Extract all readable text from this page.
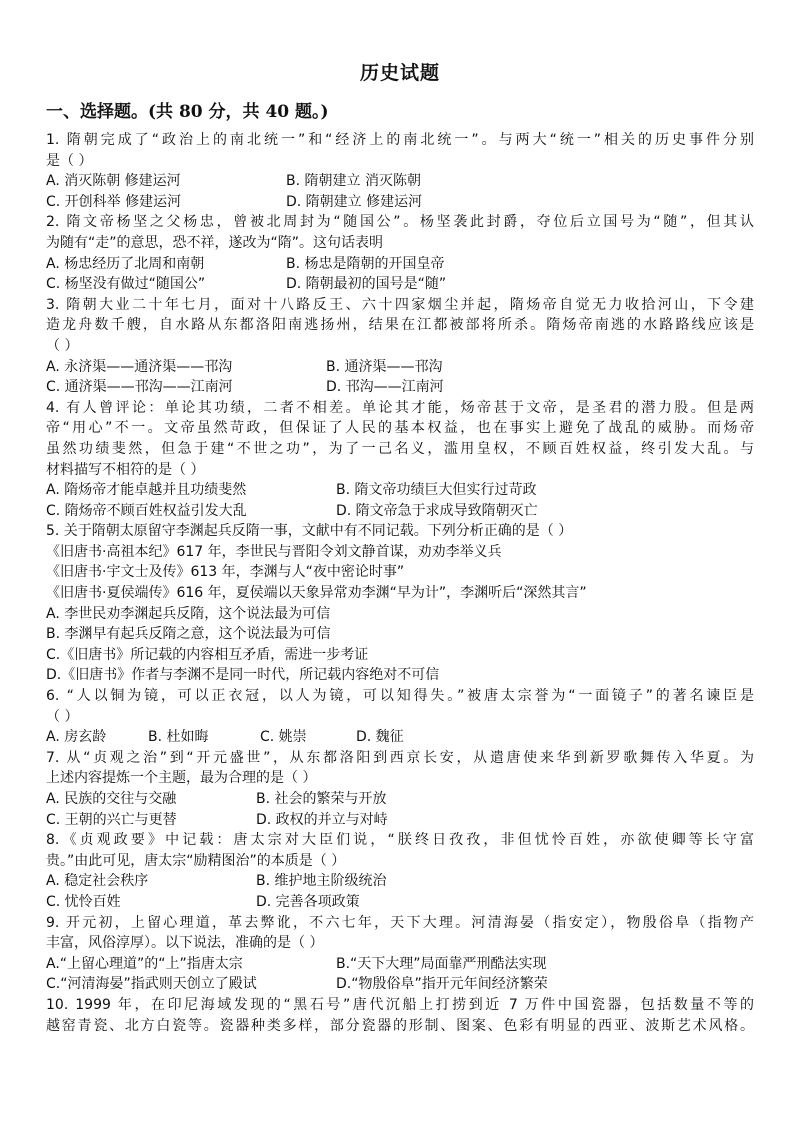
历史试题
一、选择题。(共 80 分，共 40 题。)
1. 隋朝完成了“政治上的南北统一”和“经济上的南北统一”。与两大“统一”相关的历史事件分别
是（ ）
A. 消灭陈朝 修建运河	B. 隋朝建立 消灭陈朝
C. 开创科举 修建运河	D. 隋朝建立 修建运河
2. 隋文帝杨坚之父杨忠，曾被北周封为“随国公”。杨坚袭此封爵，夺位后立国号为“随”，但其认
为随有“走”的意思，恐不祥，遂改为“隋”。这句话表明
A. 杨忠经历了北周和南朝	B. 杨忠是隋朝的开国皇帝
C. 杨坚没有做过“随国公”	D. 隋朝最初的国号是“随”
3. 隋朝大业二十年七月，面对十八路反王、六十四家烟尘并起，隋炀帝自觉无力收拾河山，下令建
造龙舟数千艘，自水路从东都洛阳南逃扬州，结果在江都被部将所杀。隋炀帝南逃的水路路线应该是
（ ）
A. 永济渠——通济渠——邗沟	B. 通济渠——邗沟
C. 通济渠——邗沟——江南河	D. 邗沟——江南河
4. 有人曾评论：单论其功绩，二者不相差。单论其才能，炀帝甚于文帝，是圣君的潜力股。但是两
帝“用心”不一。文帝虽然苛政，但保证了人民的基本权益，也在事实上避免了战乱的威胁。而炀帝
虽然功绩斐然，但急于建“不世之功”，为了一己名义，滥用皇权，不顾百姓权益，终引发大乱。与
材料描写不相符的是（ ）
A. 隋炀帝才能卓越并且功绩斐然	B. 隋文帝功绩巨大但实行过苛政
C. 隋炀帝不顾百姓权益引发大乱	D. 隋文帝急于求成导致隋朝灭亡
5. 关于隋朝太原留守李渊起兵反隋一事，文献中有不同记载。下列分析正确的是（ ）
《旧唐书·高祖本纪》617 年，李世民与晋阳令刘文静首谋，劝劝李举义兵
《旧唐书·宇文士及传》613 年，李渊与人“夜中密论时事”
《旧唐书·夏侯端传》616 年，夏侯端以天象异常劝李渊“早为计”，李渊听后“深然其言”
A. 李世民劝李渊起兵反隋，这个说法最为可信
B. 李渊早有起兵反隋之意，这个说法最为可信
C.《旧唐书》所记载的内容相互矛盾，需进一步考证
D.《旧唐书》作者与李渊不是同一时代，所记载内容绝对不可信
6. “人以铜为镜，可以正衣冠，以人为镜，可以知得失。”被唐太宗誉为“一面镜子”的著名谏臣是
（ ）
A. 房玄龄	B. 杜如晦	C. 姚崇	D. 魏征
7. 从“贞观之治”到“开元盛世”，从东都洛阳到西京长安，从遣唐使来华到新罗歌舞传入华夏。为
上述内容提炼一个主题，最为合理的是（ ）
A. 民族的交往与交融	B. 社会的繁荣与开放
C. 王朝的兴亡与更替	D. 政权的并立与对峙
8.《贞观政要》中记载：唐太宗对大臣们说，“朕终日孜孜，非但忧怜百姓，亦欲使卿等长守富
贵。”由此可见，唐太宗“励精图治”的本质是（ ）
A. 稳定社会秩序	B. 维护地主阶级统治
C. 忧怜百姓	D. 完善各项政策
9. 开元初，上留心理道，革去弊讹，不六七年，天下大理。河清海晏（指安定），物殷俗阜（指物产
丰富，风俗淳厚）。以下说法，准确的是（ ）
A.“上留心理道”的“上”指唐太宗	B.“天下大理”局面靠严刑酷法实现
C.“河清海晏”指武则天创立了殿试	D.“物殷俗阜”指开元年间经济繁荣
10. 1999 年，在印尼海域发现的“黑石号”唐代沉船上打捞到近 7 万件中国瓷器，包括数量不等的
越窑青瓷、北方白瓷等。瓷器种类多样，部分瓷器的形制、图案、色彩有明显的西亚、波斯艺术风格。
